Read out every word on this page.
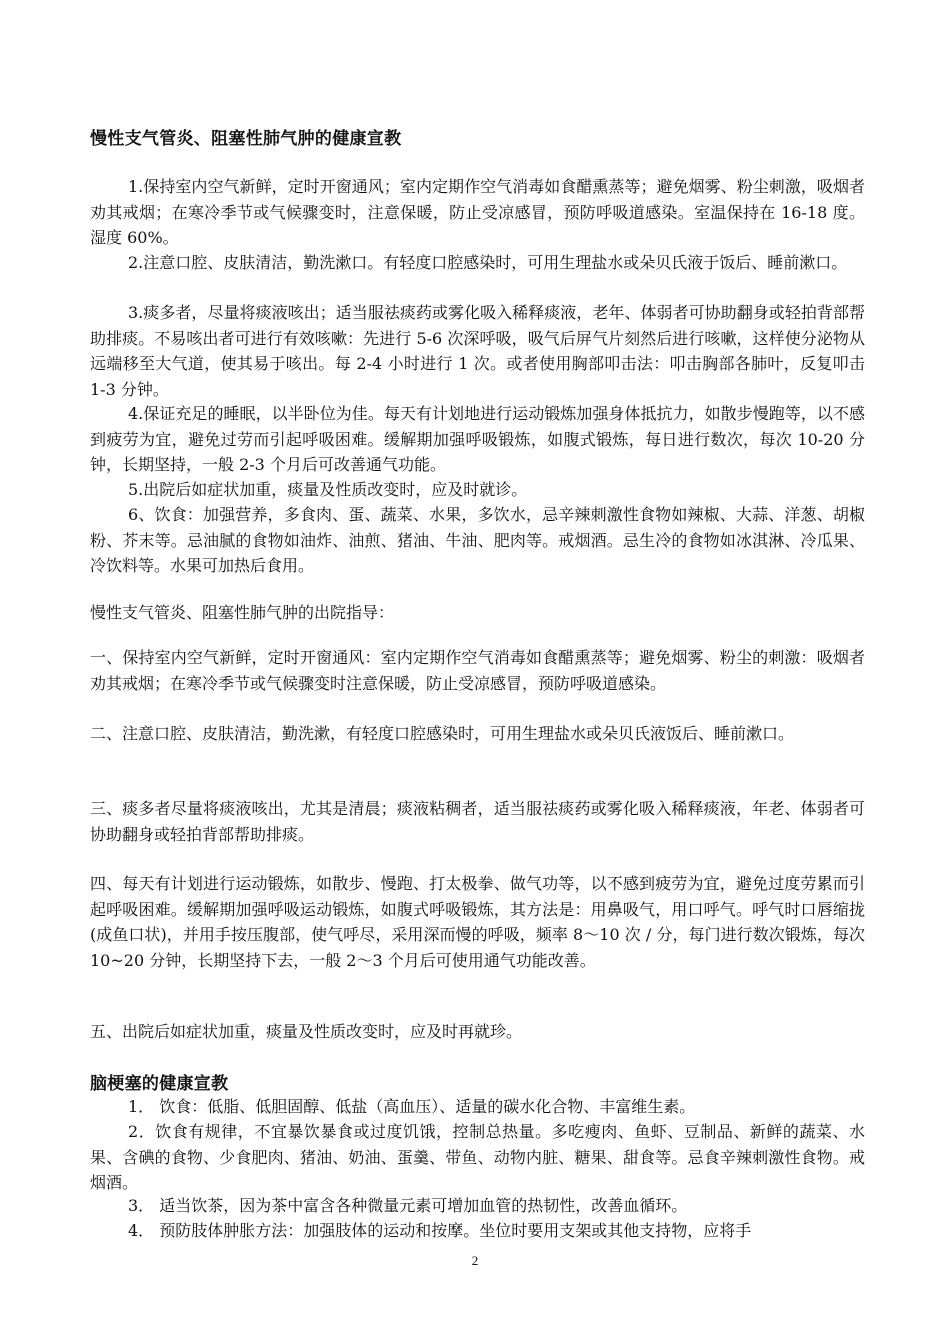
慢性支气管炎、阻塞性肺气肿的健康宣教

1.保持室内空气新鲜，定时开窗通风；室内定期作空气消毒如食醋熏蒸等；避免烟雾、粉尘刺激，吸烟者劝其戒烟；在寒冷季节或气候骤变时，注意保暖，防止受凉感冒，预防呼吸道感染。室温保持在 16-18 度。湿度 60%。

2.注意口腔、皮肤清洁，勤洗漱口。有轻度口腔感染时，可用生理盐水或朵贝氏液于饭后、睡前漱口。

3.痰多者，尽量将痰液咳出；适当服祛痰药或雾化吸入稀释痰液，老年、体弱者可协助翻身或轻拍背部帮助排痰。不易咳出者可进行有效咳嗽：先进行 5-6 次深呼吸，吸气后屏气片刻然后进行咳嗽，这样使分泌物从远端移至大气道，使其易于咳出。每 2-4 小时进行 1 次。或者使用胸部叩击法：叩击胸部各肺叶，反复叩击 1-3 分钟。

4.保证充足的睡眠，以半卧位为佳。每天有计划地进行运动锻炼加强身体抵抗力，如散步慢跑等，以不感到疲劳为宜，避免过劳而引起呼吸困难。缓解期加强呼吸锻炼，如腹式锻炼，每日进行数次，每次 10-20 分钟，长期坚持，一般 2-3 个月后可改善通气功能。

5.出院后如症状加重，痰量及性质改变时，应及时就诊。

6、饮食：加强营养，多食肉、蛋、蔬菜、水果，多饮水，忌辛辣刺激性食物如辣椒、大蒜、洋葱、胡椒粉、芥末等。忌油腻的食物如油炸、油煎、猪油、牛油、肥肉等。戒烟酒。忌生冷的食物如冰淇淋、冷瓜果、冷饮料等。水果可加热后食用。

慢性支气管炎、阻塞性肺气肿的出院指导：

一、保持室内空气新鲜，定时开窗通风：室内定期作空气消毒如食醋熏蒸等；避免烟雾、粉尘的刺激：吸烟者劝其戒烟；在寒冷季节或气候骤变时注意保暖，防止受凉感冒，预防呼吸道感染。

二、注意口腔、皮肤清洁，勤洗漱，有轻度口腔感染时，可用生理盐水或朵贝氏液饭后、睡前漱口。

三、痰多者尽量将痰液咳出，尤其是清晨；痰液粘稠者，适当服祛痰药或雾化吸入稀释痰液，年老、体弱者可协助翻身或轻拍背部帮助排痰。

四、每天有计划进行运动锻炼，如散步、慢跑、打太极拳、做气功等，以不感到疲劳为宜，避免过度劳累而引起呼吸困难。缓解期加强呼吸运动锻炼，如腹式呼吸锻炼，其方法是：用鼻吸气，用口呼气。呼气时口唇缩拢(成鱼口状)，并用手按压腹部，使气呼尽，采用深而慢的呼吸，频率 8～10 次 / 分，每门进行数次锻炼，每次 10~20 分钟，长期坚持下去，一般 2～3 个月后可使用通气功能改善。

五、出院后如症状加重，痰量及性质改变时，应及时再就珍。

脑梗塞的健康宣教

1． 饮食：低脂、低胆固醇、低盐（高血压）、适量的碳水化合物、丰富维生素。

2．饮食有规律，不宜暴饮暴食或过度饥饿，控制总热量。多吃瘦肉、鱼虾、豆制品、新鲜的蔬菜、水果、含碘的食物、少食肥肉、猪油、奶油、蛋羹、带鱼、动物内脏、糖果、甜食等。忌食辛辣刺激性食物。戒烟酒。

3． 适当饮茶，因为茶中富含各种微量元素可增加血管的热韧性，改善血循环。

4． 预防肢体肿胀方法：加强肢体的运动和按摩。坐位时要用支架或其他支持物，应将手

2
